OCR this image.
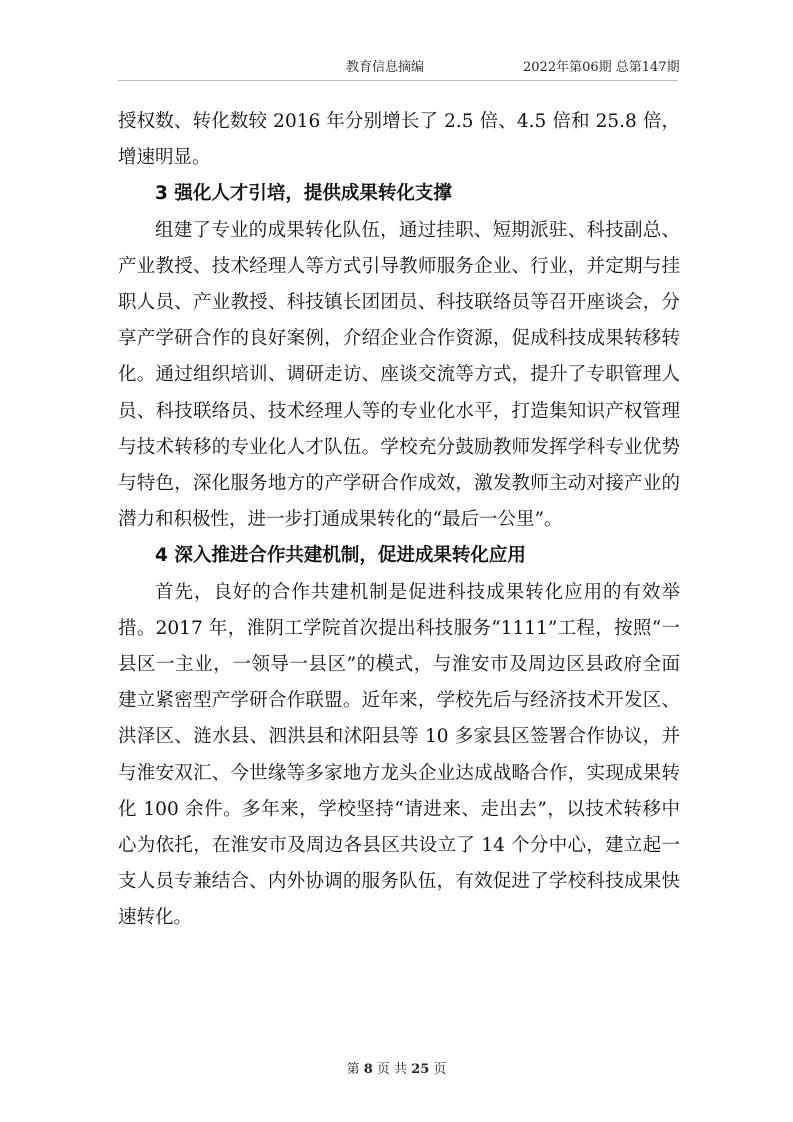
教育信息摘编	2022年第06期 总第147期

授权数、转化数较 2016 年分别增长了 2.5 倍、4.5 倍和 25.8 倍，增速明显。

3 强化人才引培，提供成果转化支撑

组建了专业的成果转化队伍，通过挂职、短期派驻、科技副总、产业教授、技术经理人等方式引导教师服务企业、行业，并定期与挂职人员、产业教授、科技镇长团团员、科技联络员等召开座谈会，分享产学研合作的良好案例，介绍企业合作资源，促成科技成果转移转化。通过组织培训、调研走访、座谈交流等方式，提升了专职管理人员、科技联络员、技术经理人等的专业化水平，打造集知识产权管理与技术转移的专业化人才队伍。学校充分鼓励教师发挥学科专业优势与特色，深化服务地方的产学研合作成效，激发教师主动对接产业的潜力和积极性，进一步打通成果转化的“最后一公里”。

4 深入推进合作共建机制，促进成果转化应用

首先，良好的合作共建机制是促进科技成果转化应用的有效举措。2017 年，淮阴工学院首次提出科技服务“1111”工程，按照“一县区一主业，一领导一县区”的模式，与淮安市及周边区县政府全面建立紧密型产学研合作联盟。近年来，学校先后与经济技术开发区、洪泽区、涟水县、泗洪县和沭阳县等 10 多家县区签署合作协议，并与淮安双汇、今世缘等多家地方龙头企业达成战略合作，实现成果转化 100 余件。多年来，学校坚持“请进来、走出去”，以技术转移中心为依托，在淮安市及周边各县区共设立了 14 个分中心，建立起一支人员专兼结合、内外协调的服务队伍，有效促进了学校科技成果快速转化。

第 8 页 共 25 页
